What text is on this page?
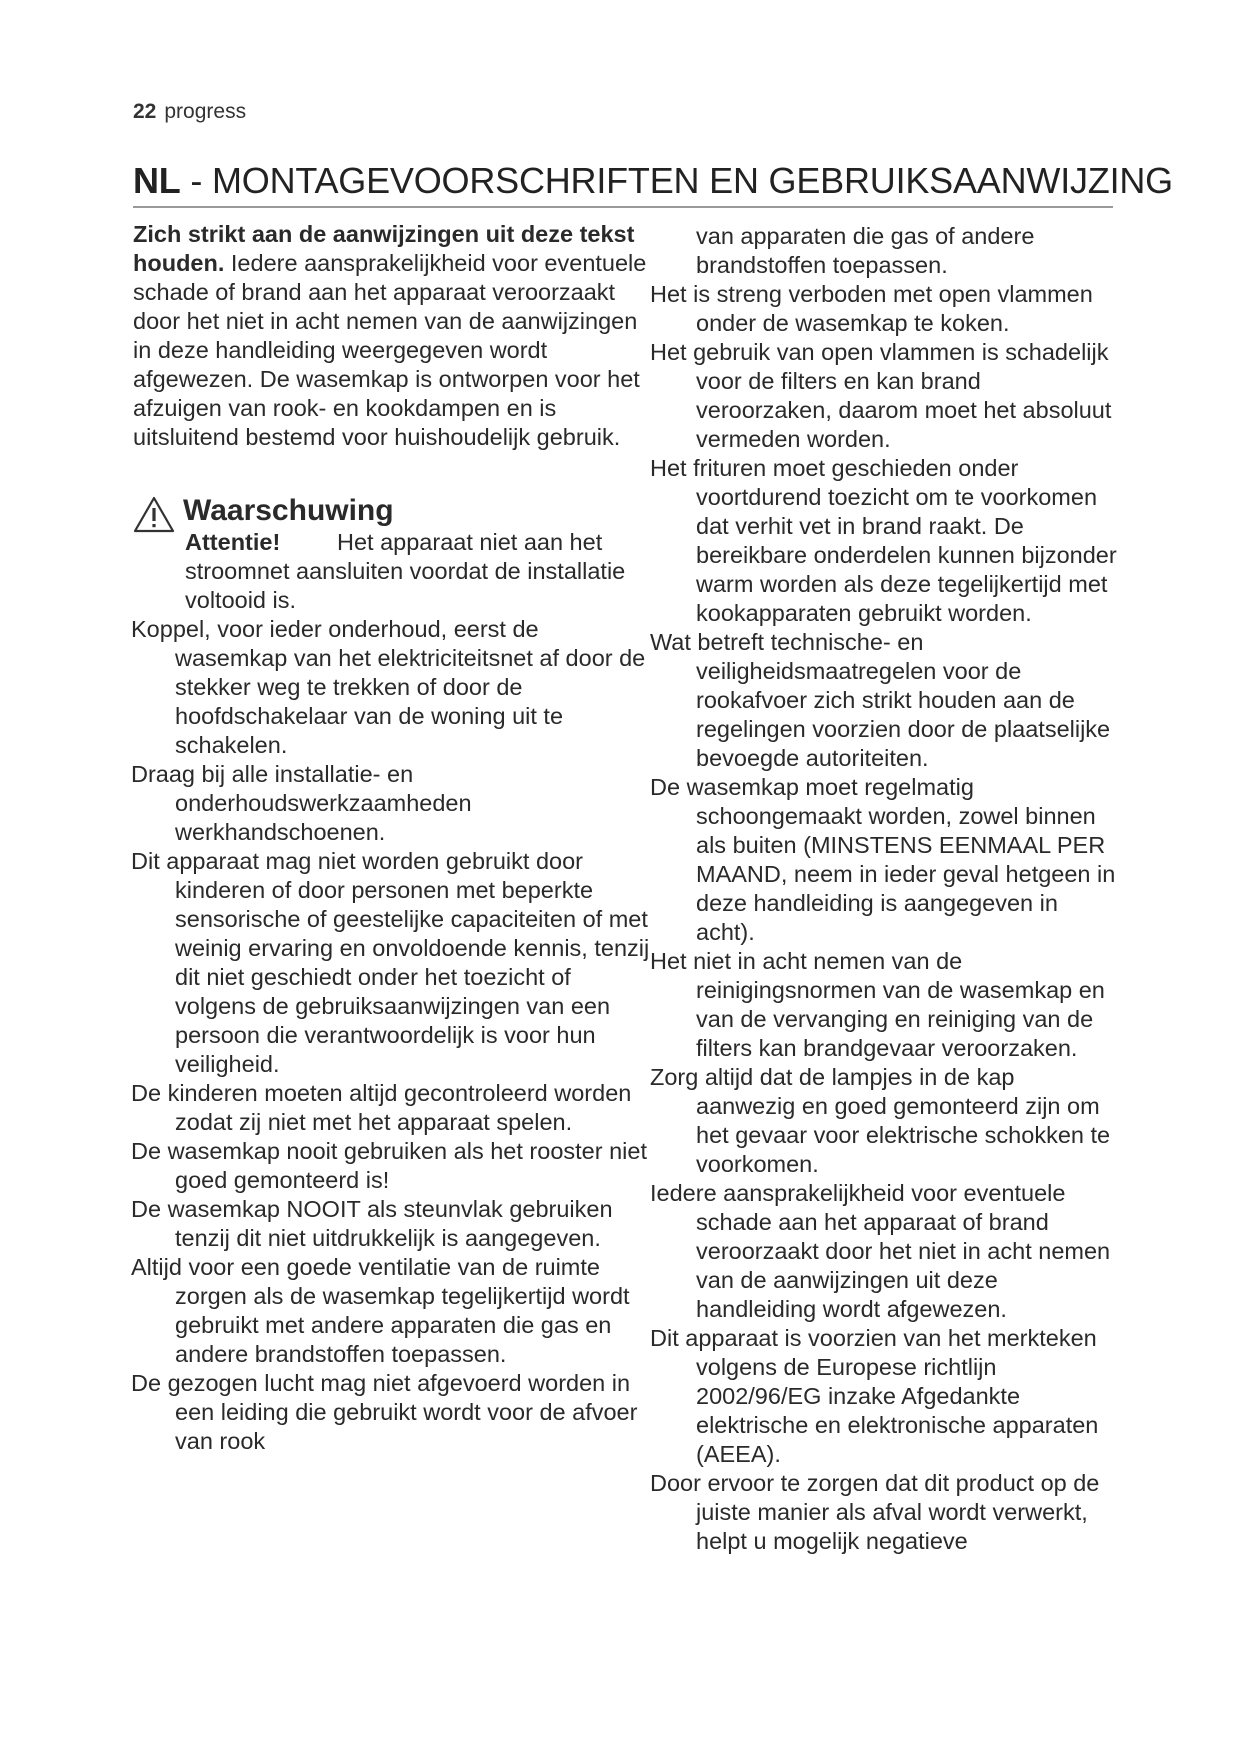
22 progress
NL - MONTAGEVOORSCHRIFTEN EN GEBRUIKSAANWIJZING

Zich strikt aan de aanwijzingen uit deze tekst houden. Iedere aansprakelijkheid voor eventuele schade of brand aan het apparaat veroorzaakt door het niet in acht nemen van de aanwijzingen in deze handleiding weergegeven wordt afgewezen. De wasemkap is ontworpen voor het afzuigen van rook- en kookdampen en is uitsluitend bestemd voor huishoudelijk gebruik.

Waarschuwing
Attentie! Het apparaat niet aan het stroomnet aansluiten voordat de installatie voltooid is.

Koppel, voor ieder onderhoud, eerst de wasemkap van het elektriciteitsnet af door de stekker weg te trekken of door de hoofdschakelaar van de woning uit te schakelen.

Draag bij alle installatie- en onderhoudswerkzaamheden werkhandschoenen.

Dit apparaat mag niet worden gebruikt door kinderen of door personen met beperkte sensorische of geestelijke capaciteiten of met weinig ervaring en onvoldoende kennis, tenzij dit niet geschiedt onder het toezicht of volgens de gebruiksaanwijzingen van een persoon die verantwoordelijk is voor hun veiligheid.

De kinderen moeten altijd gecontroleerd worden zodat zij niet met het apparaat spelen.

De wasemkap nooit gebruiken als het rooster niet goed gemonteerd is!

De wasemkap NOOIT als steunvlak gebruiken tenzij dit niet uitdrukkelijk is aangegeven.

Altijd voor een goede ventilatie van de ruimte zorgen als de wasemkap tegelijkertijd wordt gebruikt met andere apparaten die gas en andere brandstoffen toepassen.

De gezogen lucht mag niet afgevoerd worden in een leiding die gebruikt wordt voor de afvoer van rook

van apparaten die gas of andere brandstoffen toepassen.

Het is streng verboden met open vlammen onder de wasemkap te koken.

Het gebruik van open vlammen is schadelijk voor de filters en kan brand veroorzaken, daarom moet het absoluut vermeden worden.

Het frituren moet geschieden onder voortdurend toezicht om te voorkomen dat verhit vet in brand raakt. De bereikbare onderdelen kunnen bijzonder warm worden als deze tegelijkertijd met kookapparaten gebruikt worden.

Wat betreft technische- en veiligheidsmaatregelen voor de rookafvoer zich strikt houden aan de regelingen voorzien door de plaatselijke bevoegde autoriteiten.

De wasemkap moet regelmatig schoongemaakt worden, zowel binnen als buiten (MINSTENS EENMAAL PER MAAND, neem in ieder geval hetgeen in deze handleiding is aangegeven in acht).

Het niet in acht nemen van de reinigingsnormen van de wasemkap en van de vervanging en reiniging van de filters kan brandgevaar veroorzaken.

Zorg altijd dat de lampjes in de kap aanwezig en goed gemonteerd zijn om het gevaar voor elektrische schokken te voorkomen.

Iedere aansprakelijkheid voor eventuele schade aan het apparaat of brand veroorzaakt door het niet in acht nemen van de aanwijzingen uit deze handleiding wordt afgewezen.

Dit apparaat is voorzien van het merkteken volgens de Europese richtlijn 2002/96/EG inzake Afgedankte elektrische en elektronische apparaten (AEEA).

Door ervoor te zorgen dat dit product op de juiste manier als afval wordt verwerkt, helpt u mogelijk negatieve
